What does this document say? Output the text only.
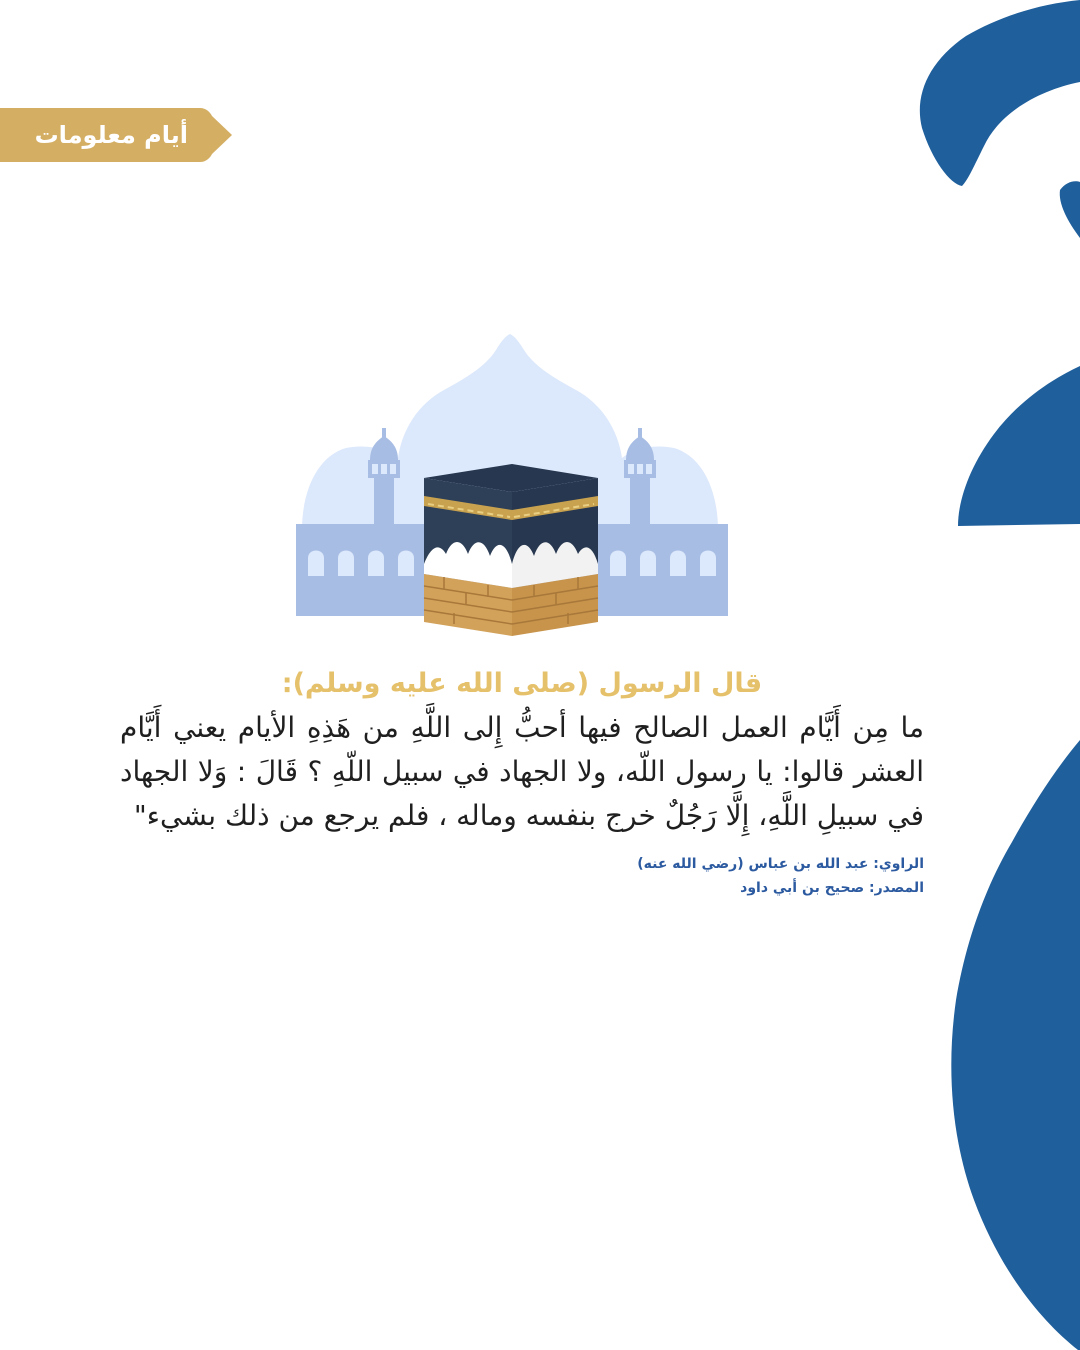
أيام معلومات

قال الرسول (صلى الله عليه وسلم):

ما مِن أَيَّام العمل الصالح فيها أحبُّ إِلى اللَّهِ من هَذِهِ الأيام يعني أَيَّام العشر قالوا: يا رسول اللّه، ولا الجهاد في سبيل اللّهِ ؟ قَالَ : وَلا الجهاد في سبيلِ اللَّهِ، إِلَّا رَجُلٌ خرج بنفسه وماله ، فلم يرجع من ذلك بشيء"

الراوي: عبد الله بن عباس (رضي الله عنه)
المصدر: صحيح بن أبي داود
